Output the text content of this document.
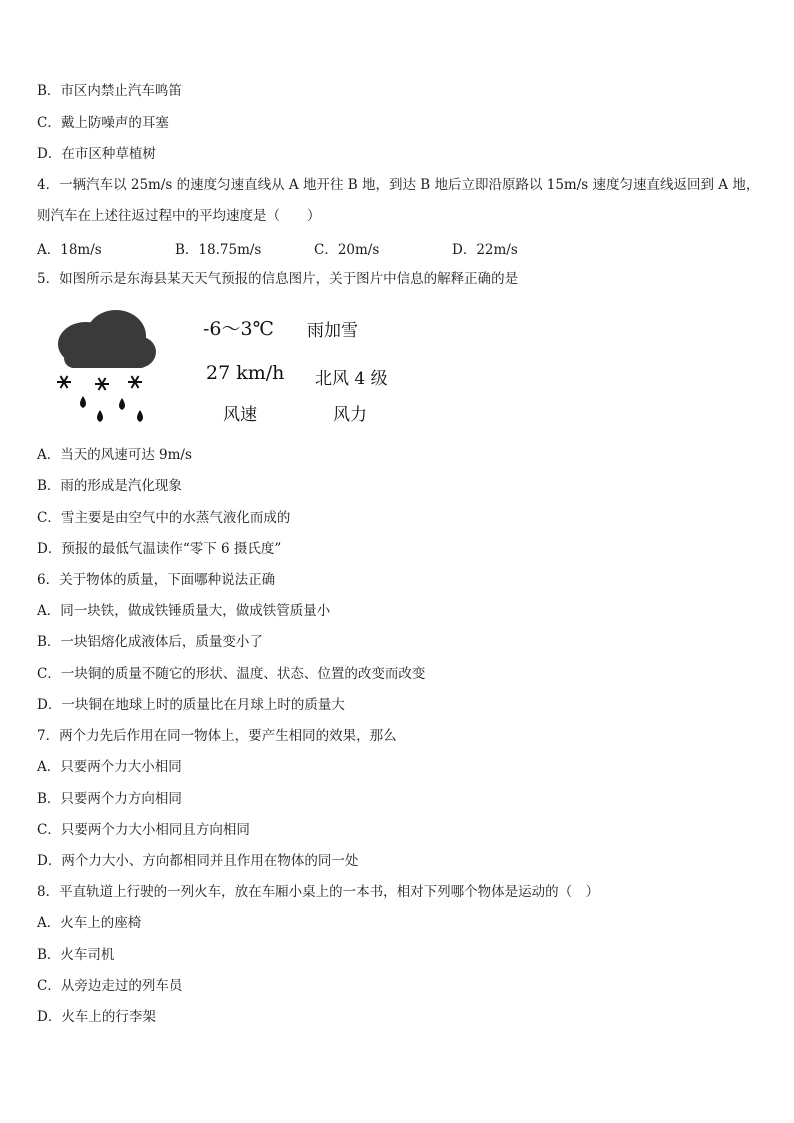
B．市区内禁止汽车鸣笛
C．戴上防噪声的耳塞
D．在市区种草植树
4．一辆汽车以 25m/s 的速度匀速直线从 A 地开往 B 地，到达 B 地后立即沿原路以 15m/s 速度匀速直线返回到 A 地，
则汽车在上述往返过程中的平均速度是（　　）
A．18m/s	B．18.75m/s	C．20m/s	D．22m/s
5．如图所示是东海县某天天气预报的信息图片，关于图片中信息的解释正确的是
-6～3℃ 雨加雪
27 km/h 北风 4 级
风速	风力
A．当天的风速可达 9m/s
B．雨的形成是汽化现象
C．雪主要是由空气中的水蒸气液化而成的
D．预报的最低气温读作“零下 6 摄氏度”
6．关于物体的质量，下面哪种说法正确
A．同一块铁，做成铁锤质量大，做成铁管质量小
B．一块铝熔化成液体后，质量变小了
C．一块铜的质量不随它的形状、温度、状态、位置的改变而改变
D．一块铜在地球上时的质量比在月球上时的质量大
7．两个力先后作用在同一物体上，要产生相同的效果，那么
A．只要两个力大小相同
B．只要两个力方向相同
C．只要两个力大小相同且方向相同
D．两个力大小、方向都相同并且作用在物体的同一处
8．平直轨道上行驶的一列火车，放在车厢小桌上的一本书，相对下列哪个物体是运动的（　）
A．火车上的座椅
B．火车司机
C．从旁边走过的列车员
D．火车上的行李架
